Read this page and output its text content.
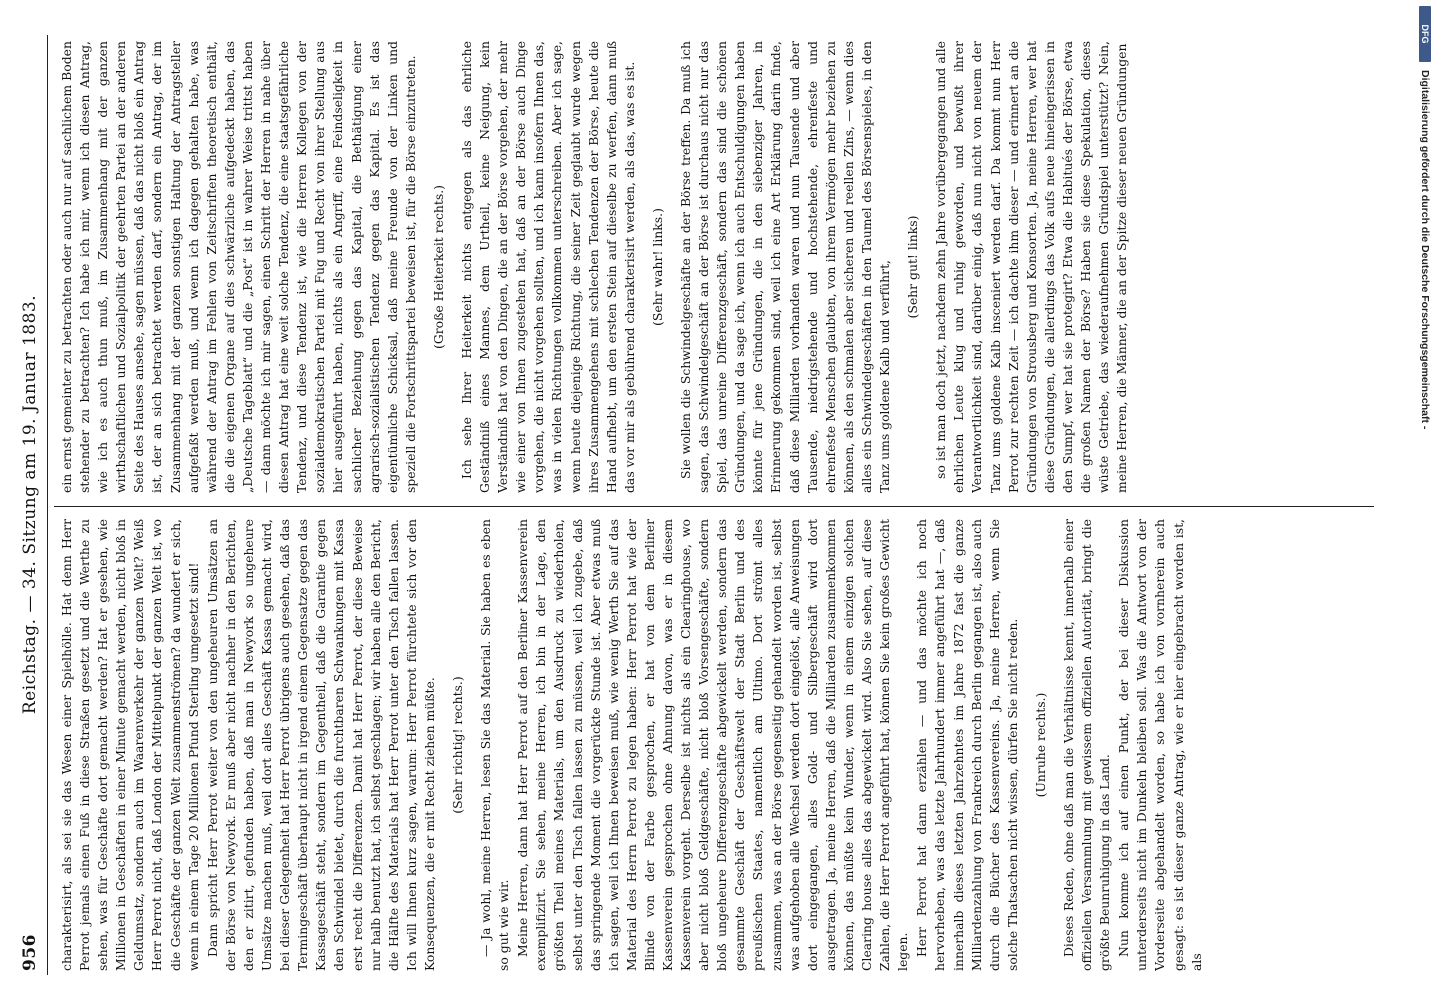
956
Reichstag. — 34. Sitzung am 19. Januar 1883.

charakterisirt, als sei sie das Wesen einer Spielhölle. Hat denn Herr Perrot jemals einen Fuß in diese Straßen gesetzt und die Werthe zu sehen, was für Geschäfte dort gemacht werden? Hat er gesehen, wie Millionen in Geschäften in einer Minute gemacht werden, nicht bloß in Geldumsatz, sondern auch im Waarenverkehr der ganzen Welt? Weiß Herr Perrot nicht, daß London der Mittelpunkt der ganzen Welt ist, wo die Geschäfte der ganzen Welt zusammenströmen? da wundert er sich, wenn in einem Tage 20 Millionen Pfund Sterling umgesetzt sind! Dann spricht Herr Perrot weiter von den ungeheuren Umsätzen an der Börse von Newyork. Er muß aber nicht nachher in den Berichten, den er zitirt, gefunden haben, daß man in Newyork so ungeheure Umsätze machen muß, weil dort alles Geschäft Kassa gemacht wird, bei dieser Gelegenheit hat Herr Perrot übrigens auch gesehen, daß das Termingeschäft überhaupt nicht in irgend einem Gegensatze gegen das Kassageschäft steht, sondern im Gegentheil, daß die Garantie gegen den Schwindel bietet, durch die furchtbaren Schwankungen mit Kassa erst recht die Differenzen. Damit hat Herr Perrot, der diese Beweise nur halb benutzt hat, ich selbst geschlagen; wir haben alle den Bericht, die Hälfte des Materials hat Herr Perrot unter den Tisch fallen lassen. Ich will Ihnen kurz sagen, warum: Herr Perrot fürchtete sich vor den Konsequenzen, die er mit Recht ziehen müßte. (Sehr richtig! rechts.) — Ja wohl, meine Herren, lesen Sie das Material. Sie haben es eben so gut wie wir. Meine Herren, dann hat Herr Perrot auf den Berliner Kassenverein exemplifizirt. Sie sehen, meine Herren, ich bin in der Lage, den größten Theil meines Materials, um den Ausdruck zu wiederholen, selbst unter den Tisch fallen lassen zu müssen, weil ich zugebe, daß das springende Moment die vorgerückte Stunde ist. Aber etwas muß ich sagen, weil ich Ihnen beweisen muß, wie wenig Werth Sie auf das Material des Herrn Perrot zu legen haben: Herr Perrot hat wie der Blinde von der Farbe gesprochen, er hat von dem Berliner Kassenverein gesprochen ohne Ahnung davon, was er in diesem Kassenverein vorgeht. Derselbe ist nichts als ein Clearinghouse, wo aber nicht bloß Geldgeschäfte, nicht bloß Vorsengeschäfte, sondern bloß ungeheure Differenzgeschäfte abgewickelt werden, sondern das gesammte Geschäft der Geschäftswelt der Stadt Berlin und des preußischen Staates, namentlich am Ultimo. Dort strömt alles zusammen, was an der Börse gegenseitig gehandelt worden ist, selbst was aufgehoben alle Wechsel werden dort eingelöst, alle Anweisungen dort eingegangen, alles Gold- und Silbergeschäft wird dort ausgetragen. Ja, meine Herren, daß die Milliarden zusammenkommen können, das müßte kein Wunder, wenn in einem einzigen solchen Clearing house alles das abgewickelt wird. Also Sie sehen, auf diese Zahlen, die Herr Perrot angeführt hat, können Sie kein großes Gewicht legen. Herr Perrot hat dann erzählen — und das möchte ich noch hervorheben, was das letzte Jahrhundert immer angeführt hat —, daß innerhalb dieses letzten Jahrzehntes im Jahre 1872 fast die ganze Milliardenzahlung von Frankreich durch Berlin gegangen ist, also auch durch die Bücher des Kassenvereins. Ja, meine Herren, wenn Sie solche Thatsachen nicht wissen, dürfen Sie nicht reden. (Unruhe rechts.) Dieses Reden, ohne daß man die Verhältnisse kennt, innerhalb einer offiziellen Versammlung mit gewissem offiziellen Autorität, bringt die größte Beunruhigung in das Land. Nun komme ich auf einen Punkt, der bei dieser Diskussion unterderseits nicht im Dunkeln bleiben soll. Was die Antwort von der Vorderseite abgehandelt worden, so habe ich von vornherein auch gesagt: es ist dieser ganze Antrag, wie er hier eingebracht worden ist, als

ein ernst gemeinter zu betrachten oder auch nur auf sachlichem Boden stehender zu betrachten? Ich habe ich mir, wenn ich diesen Antrag, wie ich es auch thun muß, im Zusammenhang mit der ganzen wirthschaftlichen und Sozialpolitik der geehrten Partei an der anderen Seite des Hauses ansehe, sagen müssen, daß das nicht bloß ein Antrag ist, der an sich betrachtet werden darf, sondern ein Antrag, der im Zusammenhang mit der ganzen sonstigen Haltung der Antragsteller aufgefaßt werden muß, und wenn ich dagegen gehalten habe, was während der Antrag im Fehlen von Zeitschriften theoretisch enthält, die die eigenen Organe auf dies schwärzliche aufgedeckt haben, das „Deutsche Tageblatt“ und die „Post“ ist in wahrer Weise trittst haben — dann möchte ich mir sagen, einen Schritt der Herren in nahe über diesen Antrag hat eine weit solche Tendenz, die eine staatsgefährliche Tendenz, und diese Tendenz ist, wie die Herren Kollegen von der sozialdemokratischen Partei mit Fug und Recht von ihrer Stellung aus hier ausgeführt haben, nichts als ein Angriff, eine Feindseligkeit in sachlicher Beziehung gegen das Kapital, die Bethätigung einer agrarisch-sozialistischen Tendenz gegen das Kapital. Es ist das eigentümliche Schicksal, daß meine Freunde von der Linken und speziell die Fortschrittspartei beweisen ist, für die Börse einzutreten. (Große Heiterkeit rechts.) Ich sehe Ihrer Heiterkeit nichts entgegen als das ehrliche Geständniß eines Mannes, dem Urtheil, keine Neigung, kein Verständniß hat von den Dingen, die an der Börse vorgehen, der mehr wie einer von Ihnen zugestehen hat, daß an der Börse auch Dinge vorgehen, die nicht vorgehen sollten, und ich kann insofern Ihnen das, was in vielen Richtungen vollkommen unterschreiben. Aber ich sage, wenn heute diejenige Richtung, die seiner Zeit geglaubt wurde wegen ihres Zusammengehens mit schlechen Tendenzen der Börse, heute die Hand aufhebt, um den ersten Stein auf dieselbe zu werfen, dann muß das vor mir als gebührend charakterisirt werden, als das, was es ist. (Sehr wahr! links.) Sie wollen die Schwindelgeschäfte an der Börse treffen. Da muß ich sagen, das Schwindelgeschäft an der Börse ist durchaus nicht nur das Spiel, das unreine Differenzgeschäft, sondern das sind die schönen Gründungen, und da sage ich, wenn ich auch Entschuldigungen haben könnte für jene Gründungen, die in den siebenziger Jahren, in Erinnerung gekommen sind, weil ich eine Art Erklärung darin finde, daß diese Milliarden vorhanden waren und nun Tausende und aber Tausende, niedrigstehende und hochstehende, ehrenfeste und ehrenfeste Menschen glaubten, von ihrem Vermögen mehr beziehen zu können, als den schmalen aber sicheren und reellen Zins, — wenn dies alles ein Schwindelgeschäften in den Taumel des Börsenspieles, in den Tanz ums goldene Kalb und verführt, (Sehr gut! links) so ist man doch jetzt, nachdem zehn Jahre vorübergegangen und alle ehrlichen Leute klug und ruhig geworden, und bewußt ihrer Verantwortlichkeit sind, darüber einig, daß nun nicht von neuem der Tanz ums goldene Kalb insceniert werden darf. Da kommt nun Herr Perrot zur rechten Zeit — ich dachte ihm dieser — und erinnert an die Gründungen von Strousberg und Konsorten. Ja, meine Herren, wer hat diese Gründungen, die allerdings das Volk aufs neue hineingerissen in den Sumpf, wer hat sie protegirt? Etwa die Habitués der Börse, etwa die großen Namen der Börse? Haben sie diese Spekulation, dieses wüste Getriebe, das wiederaufnehmen Gründspiel unterstützt? Nein, meine Herren, die Männer, die an der Spitze dieser neuen Gründungen

DFG
Digitalisierung gefördert durch die Deutsche Forschungsgemeinschaft -
